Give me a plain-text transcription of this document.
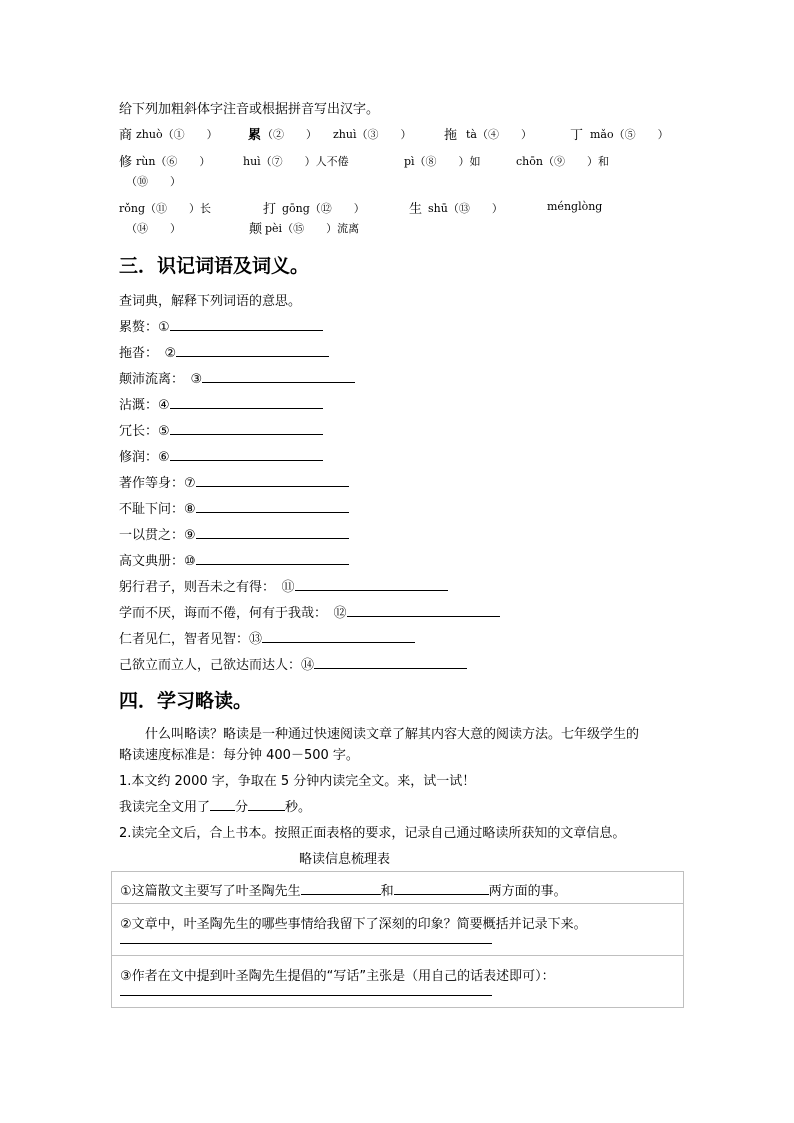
给下列加粗斜体字注音或根据拼音写出汉字。
商 zhuò（①　　） 累 （②　　） zhuì（③　　）	拖 tà（④　　）	丁 mǎo（⑤　　）
修 rùn（⑥　　）	huì（⑦　　）人不倦	pì（⑧　　）如	chōn（⑨　　）和
（⑩　　）
rǒng（⑪　　）长	打 gōng（⑫　　）	生 shū（⑬　　）	ménglòng
（⑭　　）	颠 pèi（⑮　　）流离
三．识记词语及词义。
查词典，解释下列词语的意思。
累赘：①
拖沓：　②
颠沛流离：　③
沾溉：④
冗长：⑤
修润：⑥
著作等身：⑦
不耻下问：⑧
一以贯之：⑨
高文典册：⑩
躬行君子，则吾未之有得：　⑪
学而不厌，诲而不倦，何有于我哉：　⑫
仁者见仁，智者见智：⑬
己欲立而立人，己欲达而达人：⑭
四．学习略读。
　　什么叫略读？略读是一种通过快速阅读文章了解其内容大意的阅读方法。七年级学生的
略读速度标准是：每分钟 400－500 字。
1.本文约 2000 字，争取在 5 分钟内读完全文。来，试一试！
我读完全文用了 分	秒。
2.读完全文后，合上书本。按照正面表格的要求，记录自己通过略读所获知的文章信息。
略读信息梳理表
①这篇散文主要写了叶圣陶先生	和	两方面的事。
②文章中，叶圣陶先生的哪些事情给我留下了深刻的印象？简要概括并记录下来。
③作者在文中提到叶圣陶先生提倡的“写话”主张是（用自己的话表述即可）：
